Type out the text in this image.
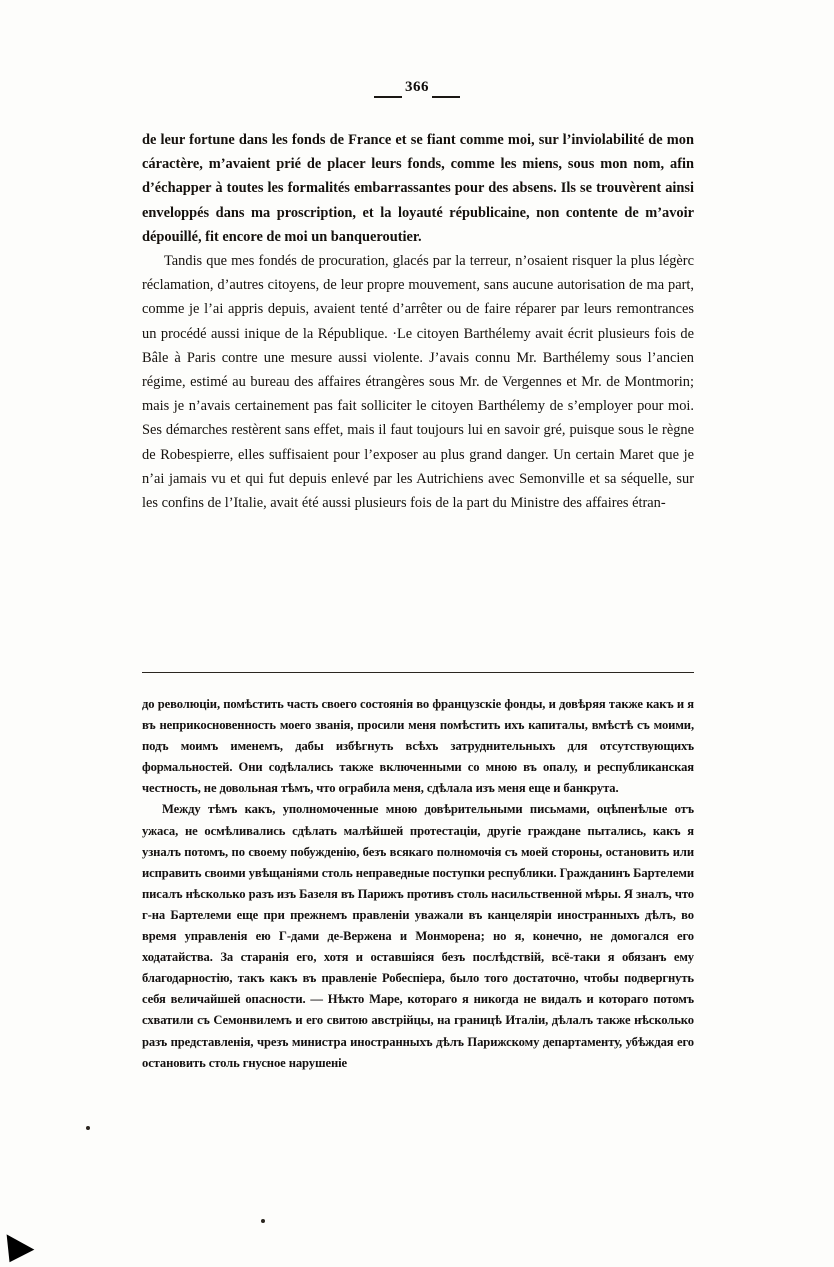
366

de leur fortune dans les fonds de France et se fiant comme moi, sur l’inviolabilité de mon cáractère, m’avaient prié de placer leurs fonds, comme les miens, sous mon nom, afin d’échapper à toutes les formalités embarrassantes pour des absens. Ils se trouvèrent ainsi enveloppés dans ma proscription, et la loyauté républicaine, non contente de m’avoir dépouillé, fit encore de moi un banqueroutier.

Tandis que mes fondés de procuration, glacés par la terreur, n’osaient risquer la plus légèrc réclamation, d’autres citoyens, de leur propre mouvement, sans aucune autorisation de ma part, comme je l’ai appris depuis, avaient tenté d’arrêter ou de faire réparer par leurs remontrances un procédé aussi inique de la République. ·Le citoyen Barthélemy avait écrit plusieurs fois de Bâle à Paris contre une mesure aussi violente. J’avais connu Mr. Barthélemy sous l’ancien régime, estimé au bureau des affaires étrangères sous Mr. de Vergennes et Mr. de Montmorin; mais je n’avais certainement pas fait solliciter le citoyen Barthélemy de s’employer pour moi. Ses démarches restèrent sans effet, mais il faut toujours lui en savoir gré, puisque sous le règne de Robespierre, elles suffisaient pour l’exposer au plus grand danger. Un certain Maret que je n’ai jamais vu et qui fut depuis enlevé par les Autrichiens avec Semonville et sa séquelle, sur les confins de l’Italie, avait été aussi plusieurs fois de la part du Ministre des affaires étran-

до революціи, помѣстить часть своего состоянія во французскіе фонды, и довѣряя также какъ и я въ неприкосновенность моего званія, просили меня помѣстить ихъ капиталы, вмѣстѣ съ моими, подъ моимъ именемъ, дабы избѣгнуть всѣхъ затруднительныхъ для отсутствующихъ формальностей. Они содѣлались также включенными со мною въ опалу, и республиканская честность, не довольная тѣмъ, что ограбила меня, сдѣлала изъ меня еще и банкрута.

Между тѣмъ какъ, уполномоченные мною довѣрительными письмами, оцѣпенѣлые отъ ужаса, не осмѣливались сдѣлать малѣйшей протестаціи, другіе граждане пытались, какъ я узналъ потомъ, по своему побужденію, безъ всякаго полномочія съ моей стороны, остановить или исправить своими увѣщаніями столь неправедные поступки республики. Гражданинъ Бартелеми писалъ нѣсколько разъ изъ Базеля въ Парижъ противъ столь насильственной мѣры. Я зналъ, что г-на Бартелеми еще при прежнемъ правленіи уважали въ канцеляріи иностранныхъ дѣлъ, во время управленія ею Г-дами де-Вержена и Монморена; но я, конечно, не домогался его ходатайства. За старанія его, хотя и оставшіяся безъ послѣдствій, всё-таки я обязанъ ему благодарностію, такъ какъ въ правленіе Робеспіера, было того достаточно, чтобы подвергнуть себя величайшей опасности. — Нѣкто Маре, котораго я никогда не видалъ и котораго потомъ схватили съ Семонвилемъ и его свитою австрійцы, на границѣ Италіи, дѣлалъ также нѣсколько разъ представленія, чрезъ министра иностранныхъ дѣлъ Парижскому департаменту, убѣждая его остановить столь гнусное нарушеніе
